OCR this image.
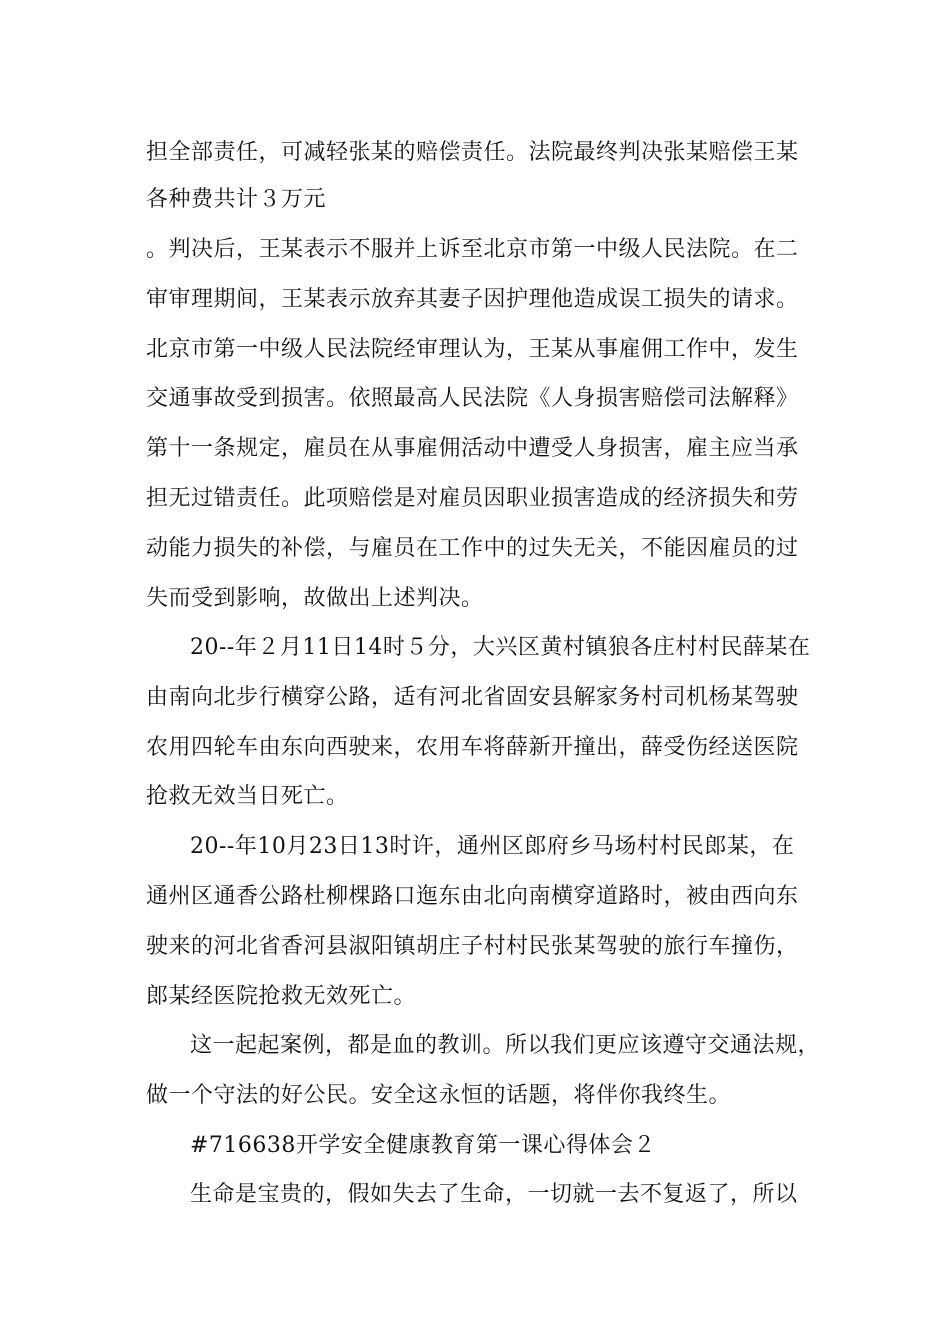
担全部责任，可减轻张某的赔偿责任。法院最终判决张某赔偿王某

各种费共计３万元

。判决后，王某表示不服并上诉至北京市第一中级人民法院。在二

审审理期间，王某表示放弃其妻子因护理他造成误工损失的请求。

北京市第一中级人民法院经审理认为，王某从事雇佣工作中，发生

交通事故受到损害。依照最高人民法院《人身损害赔偿司法解释》

第十一条规定，雇员在从事雇佣活动中遭受人身损害，雇主应当承

担无过错责任。此项赔偿是对雇员因职业损害造成的经济损失和劳

动能力损失的补偿，与雇员在工作中的过失无关，不能因雇员的过

失而受到影响，故做出上述判决。

20--年２月11日14时５分，大兴区黄村镇狼各庄村村民薛某在

由南向北步行横穿公路，适有河北省固安县解家务村司机杨某驾驶

农用四轮车由东向西驶来，农用车将薛新开撞出，薛受伤经送医院

抢救无效当日死亡。

20--年10月23日13时许，通州区郎府乡马场村村民郎某，在

通州区通香公路杜柳棵路口迤东由北向南横穿道路时，被由西向东

驶来的河北省香河县淑阳镇胡庄子村村民张某驾驶的旅行车撞伤，

郎某经医院抢救无效死亡。

这一起起案例，都是血的教训。所以我们更应该遵守交通法规，

做一个守法的好公民。安全这永恒的话题，将伴你我终生。

#716638开学安全健康教育第一课心得体会２

生命是宝贵的，假如失去了生命，一切就一去不复返了，所以
